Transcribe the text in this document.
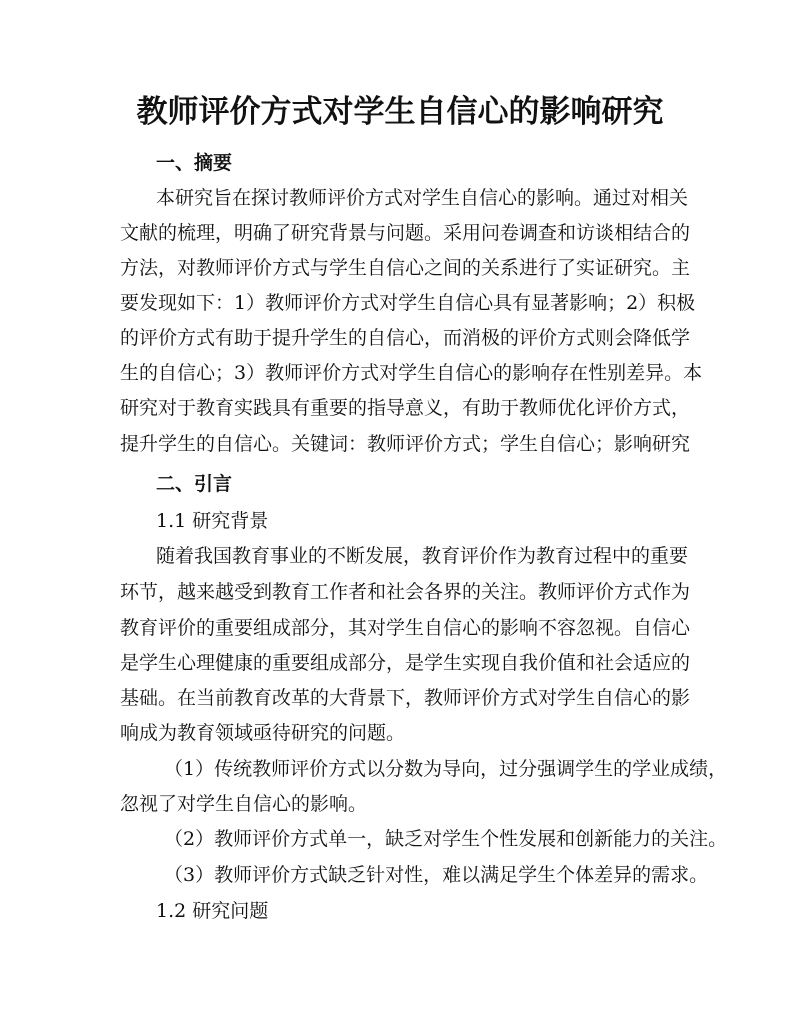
教师评价方式对学生自信心的影响研究
一、摘要
本研究旨在探讨教师评价方式对学生自信心的影响。通过对相关
文献的梳理，明确了研究背景与问题。采用问卷调查和访谈相结合的
方法，对教师评价方式与学生自信心之间的关系进行了实证研究。主
要发现如下：1）教师评价方式对学生自信心具有显著影响；2）积极
的评价方式有助于提升学生的自信心，而消极的评价方式则会降低学
生的自信心；3）教师评价方式对学生自信心的影响存在性别差异。本
研究对于教育实践具有重要的指导意义，有助于教师优化评价方式，
提升学生的自信心。关键词：教师评价方式；学生自信心；影响研究
二、引言
1.1 研究背景
随着我国教育事业的不断发展，教育评价作为教育过程中的重要
环节，越来越受到教育工作者和社会各界的关注。教师评价方式作为
教育评价的重要组成部分，其对学生自信心的影响不容忽视。自信心
是学生心理健康的重要组成部分，是学生实现自我价值和社会适应的
基础。在当前教育改革的大背景下，教师评价方式对学生自信心的影
响成为教育领域亟待研究的问题。
（1）传统教师评价方式以分数为导向，过分强调学生的学业成绩，
忽视了对学生自信心的影响。
（2）教师评价方式单一，缺乏对学生个性发展和创新能力的关注。
（3）教师评价方式缺乏针对性，难以满足学生个体差异的需求。
1.2 研究问题
